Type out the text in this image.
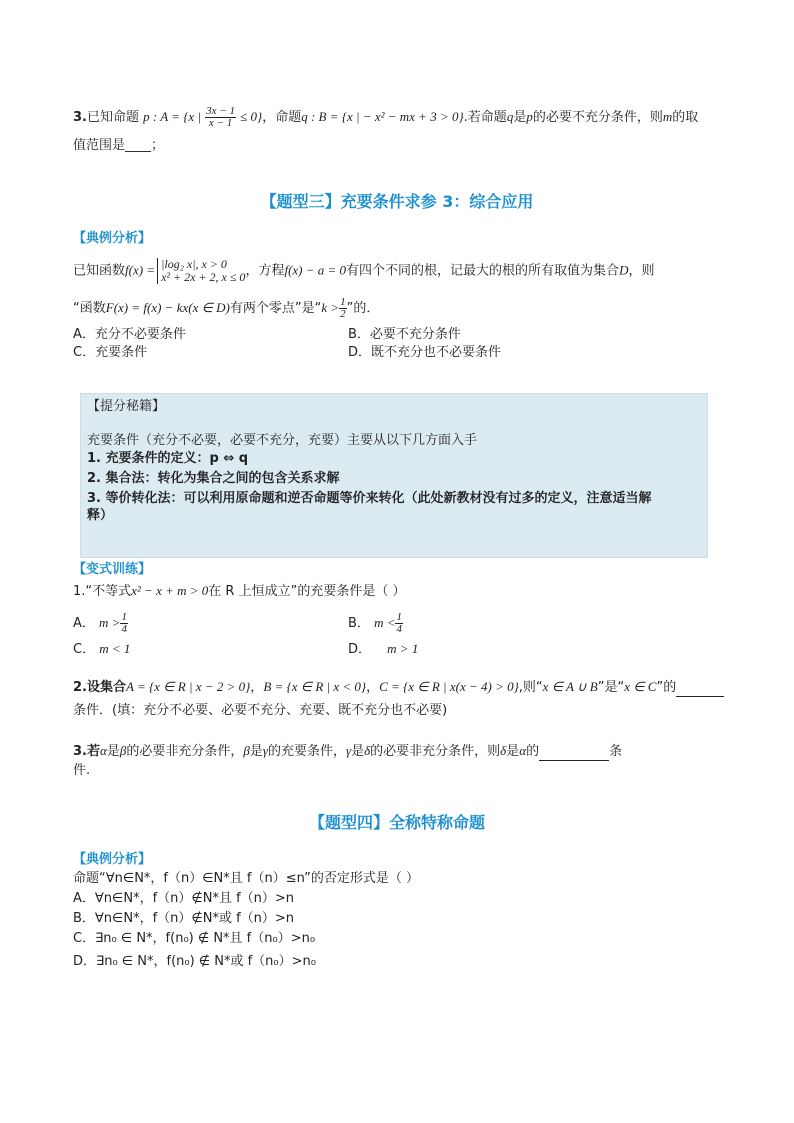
3.已知命题 p : A = {x | $\frac{3x - 1}{x - 1} \le 0$}，命题q : B = {x | − x² − mx + 3 > 0}.若命题q是p的必要不充分条件，则m的取
值范围是____；
【题型三】充要条件求参 3：综合应用
【典例分析】
已知函数f(x) = |log₂ x|, x > 0
x² + 2x + 2, x ≤ 0 ，方程f(x) − a = 0有四个不同的根，记最大的根的所有取值为集合D，则
“函数F(x) = f(x) − kx(x ∈ D)有两个零点”是“$k > \frac{1}{2}$ ”的．
A．充分不必要条件	B．必要不充分条件
C．充要条件	D．既不充分也不必要条件
【提分秘籍】
充要条件（充分不必要，必要不充分，充要）主要从以下几方面入手
1. 充要条件的定义：p ⇔ q
2. 集合法：转化为集合之间的包含关系求解
3. 等价转化法：可以利用原命题和逆否命题等价来转化（此处新教材没有过多的定义，注意适当解
释）
【变式训练】
1.“不等式x² − x + m > 0在 R 上恒成立”的充要条件是（ ）
A． $m > \frac{1}{4}$	B． $m < \frac{1}{4}$
C． m < 1	D． m > 1
2.设集合A = {x ∈ R | x − 2 > 0}，B = {x ∈ R | x < 0}，C = {x ∈ R | x(x − 4) > 0},则“x ∈ A ∪ B”是“x ∈ C”的
条件．(填：充分不必要、必要不充分、充要、既不充分也不必要)
3.若α是β的必要非充分条件，β是γ的充要条件，γ是δ的必要非充分条件，则δ是α的	条
件.
【题型四】全称特称命题
【典例分析】
命题“∀n∈N*，f（n）∈N*且 f（n）≤n”的否定形式是（ ）
A．∀n∈N*，f（n）∉N*且 f（n）>n
B．∀n∈N*，f（n）∉N*或 f（n）>n
C．∃n₀ ∈ N*，f(n₀) ∉ N*且 f（n₀）>n₀
D．∃n₀ ∈ N*，f(n₀) ∉ N*或 f（n₀）>n₀
